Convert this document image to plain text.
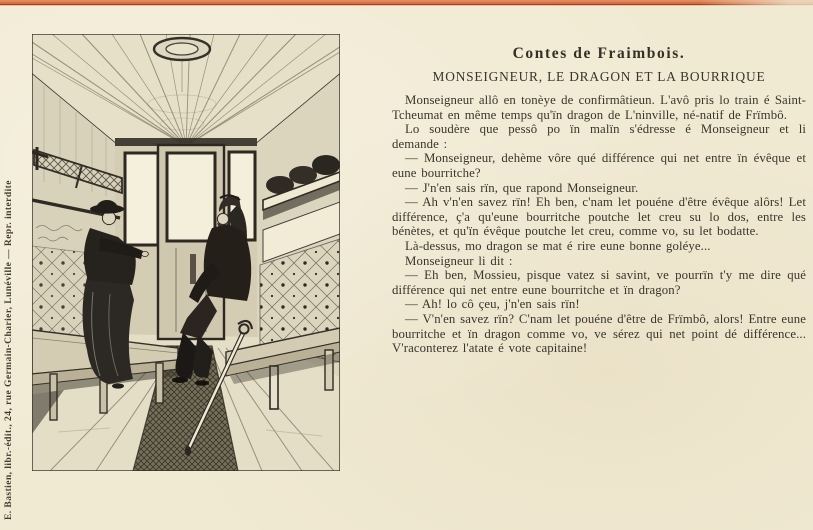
E. Bastien, libr.-édit., 24, rue Germain-Charier, Lunéville — Repr. interdite
Contes de Fraimbois.
MONSEIGNEUR, LE DRAGON ET LA BOURRIQUE

Monseigneur allô en tonèye de confirmâtieun. L'avô pris lo train é Saint-Tcheumat en même temps qu'ïn dragon de L'ninville, né-natif de Frïmbô.

Lo soudère que pessô po ïn malïn s'édresse é Monseigneur et li demande :

— Monseigneur, dehème vôre qué différence qui net entre ïn évêque et eune bourritche?

— J'n'en sais rïn, que rapond Monseigneur.

— Ah v'n'en savez rïn! Eh ben, c'nam let pouéne d'être évêque alôrs! Let différence, ç'a qu'eune bourritche poutche let creu su lo dos, entre les bénètes, et qu'ïn évêque poutche let creu, comme vo, su let bodatte.

Là-dessus, mo dragon se mat é rire eune bonne goléye...

Monseigneur li dit :

— Eh ben, Mossieu, pisque vatez si savint, ve pourrïn t'y me dire qué différence qui net entre eune bourritche et ïn dragon?

— Ah! lo cô çeu, j'n'en sais rïn!

— V'n'en savez rïn? C'nam let pouéne d'être de Frïmbô, alors! Entre eune bourritche et ïn dragon comme vo, ve sérez qui net point dé différence... V'raconterez l'atate é vote capitaine!
